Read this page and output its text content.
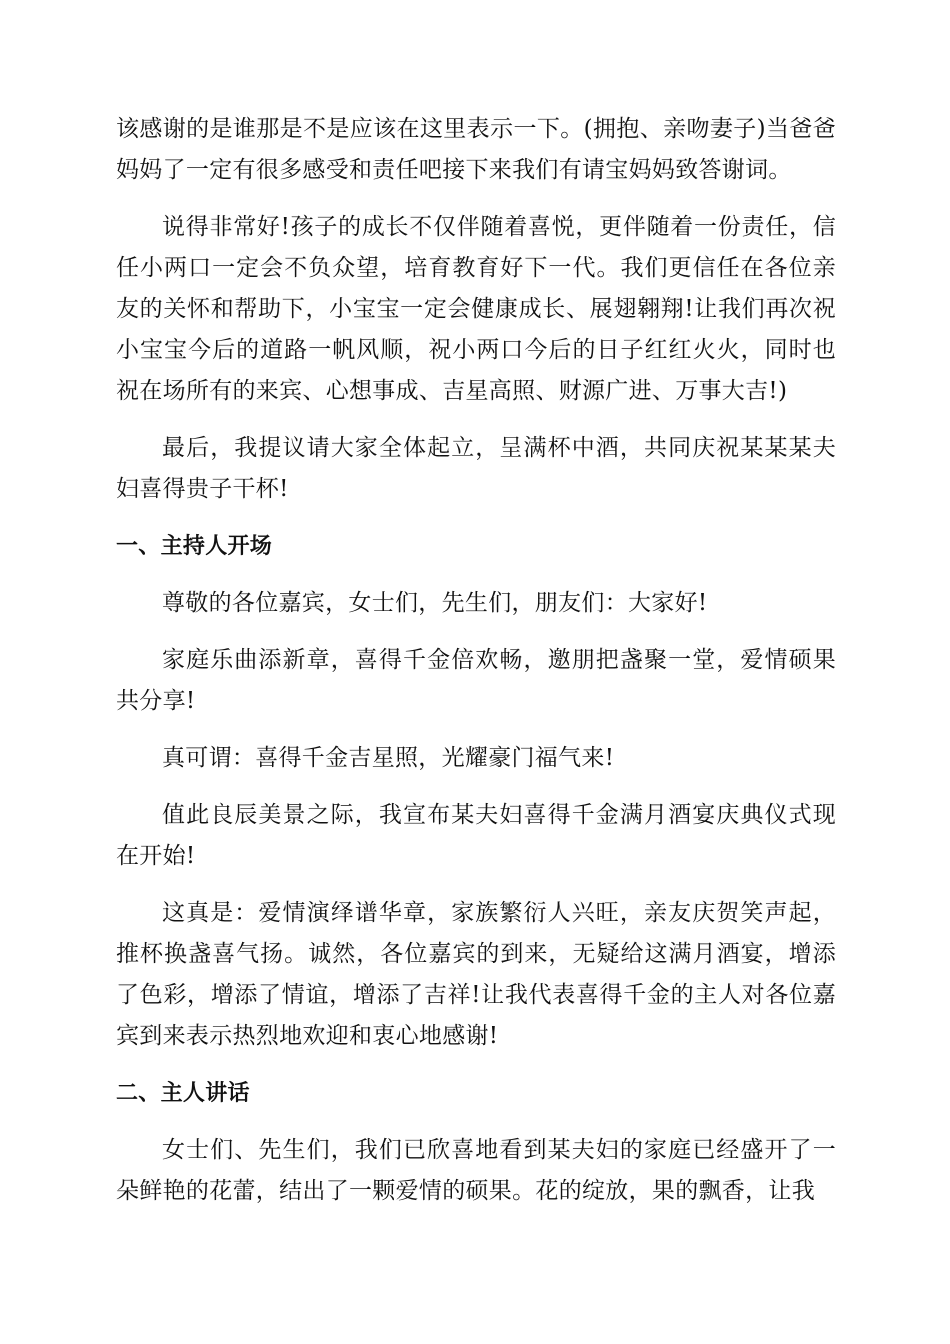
该感谢的是谁那是不是应该在这里表示一下。(拥抱、亲吻妻子)当爸爸妈妈了一定有很多感受和责任吧接下来我们有请宝妈妈致答谢词。

说得非常好!孩子的成长不仅伴随着喜悦，更伴随着一份责任，信任小两口一定会不负众望，培育教育好下一代。我们更信任在各位亲友的关怀和帮助下，小宝宝一定会健康成长、展翅翱翔!让我们再次祝小宝宝今后的道路一帆风顺，祝小两口今后的日子红红火火，同时也祝在场所有的来宾、心想事成、吉星高照、财源广进、万事大吉!)

最后，我提议请大家全体起立，呈满杯中酒，共同庆祝某某某夫妇喜得贵子干杯!

一、主持人开场

尊敬的各位嘉宾，女士们，先生们，朋友们：大家好!

家庭乐曲添新章，喜得千金倍欢畅，邀朋把盏聚一堂，爱情硕果共分享!

真可谓：喜得千金吉星照，光耀豪门福气来!

值此良辰美景之际，我宣布某夫妇喜得千金满月酒宴庆典仪式现在开始!

这真是：爱情演绎谱华章，家族繁衍人兴旺，亲友庆贺笑声起，推杯换盏喜气扬。诚然，各位嘉宾的到来，无疑给这满月酒宴，增添了色彩，增添了情谊，增添了吉祥!让我代表喜得千金的主人对各位嘉宾到来表示热烈地欢迎和衷心地感谢!

二、主人讲话

女士们、先生们，我们已欣喜地看到某夫妇的家庭已经盛开了一朵鲜艳的花蕾，结出了一颗爱情的硕果。花的绽放，果的飘香，让我
